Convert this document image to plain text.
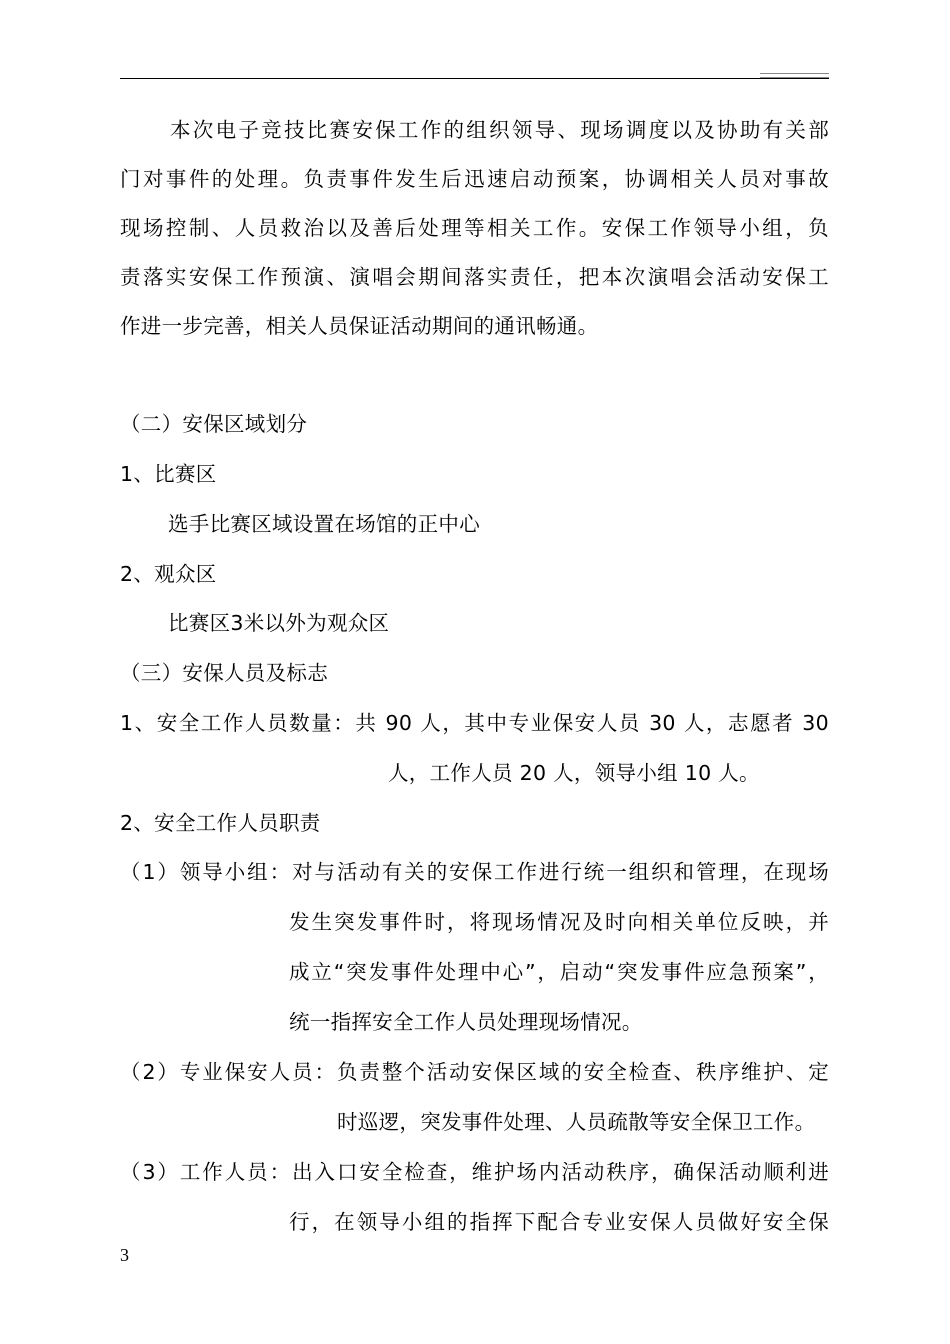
本次电子竞技比赛安保工作的组织领导、现场调度以及协助有关部
门对事件的处理。负责事件发生后迅速启动预案，协调相关人员对事故
现场控制、人员救治以及善后处理等相关工作。安保工作领导小组，负
责落实安保工作预演、演唱会期间落实责任，把本次演唱会活动安保工
作进一步完善，相关人员保证活动期间的通讯畅通。
（二）安保区域划分
1、比赛区
选手比赛区域设置在场馆的正中心
2、观众区
比赛区3米以外为观众区
（三）安保人员及标志
1、安全工作人员数量：共 90 人，其中专业保安人员 30 人，志愿者 30
人，工作人员 20 人，领导小组 10 人。
2、安全工作人员职责
（1）领导小组：对与活动有关的安保工作进行统一组织和管理，在现场
发生突发事件时，将现场情况及时向相关单位反映，并
成立“突发事件处理中心”，启动“突发事件应急预案”，
统一指挥安全工作人员处理现场情况。
（2）专业保安人员：负责整个活动安保区域的安全检查、秩序维护、定
时巡逻，突发事件处理、人员疏散等安全保卫工作。
（3）工作人员：出入口安全检查，维护场内活动秩序，确保活动顺利进
行，在领导小组的指挥下配合专业安保人员做好安全保
3
